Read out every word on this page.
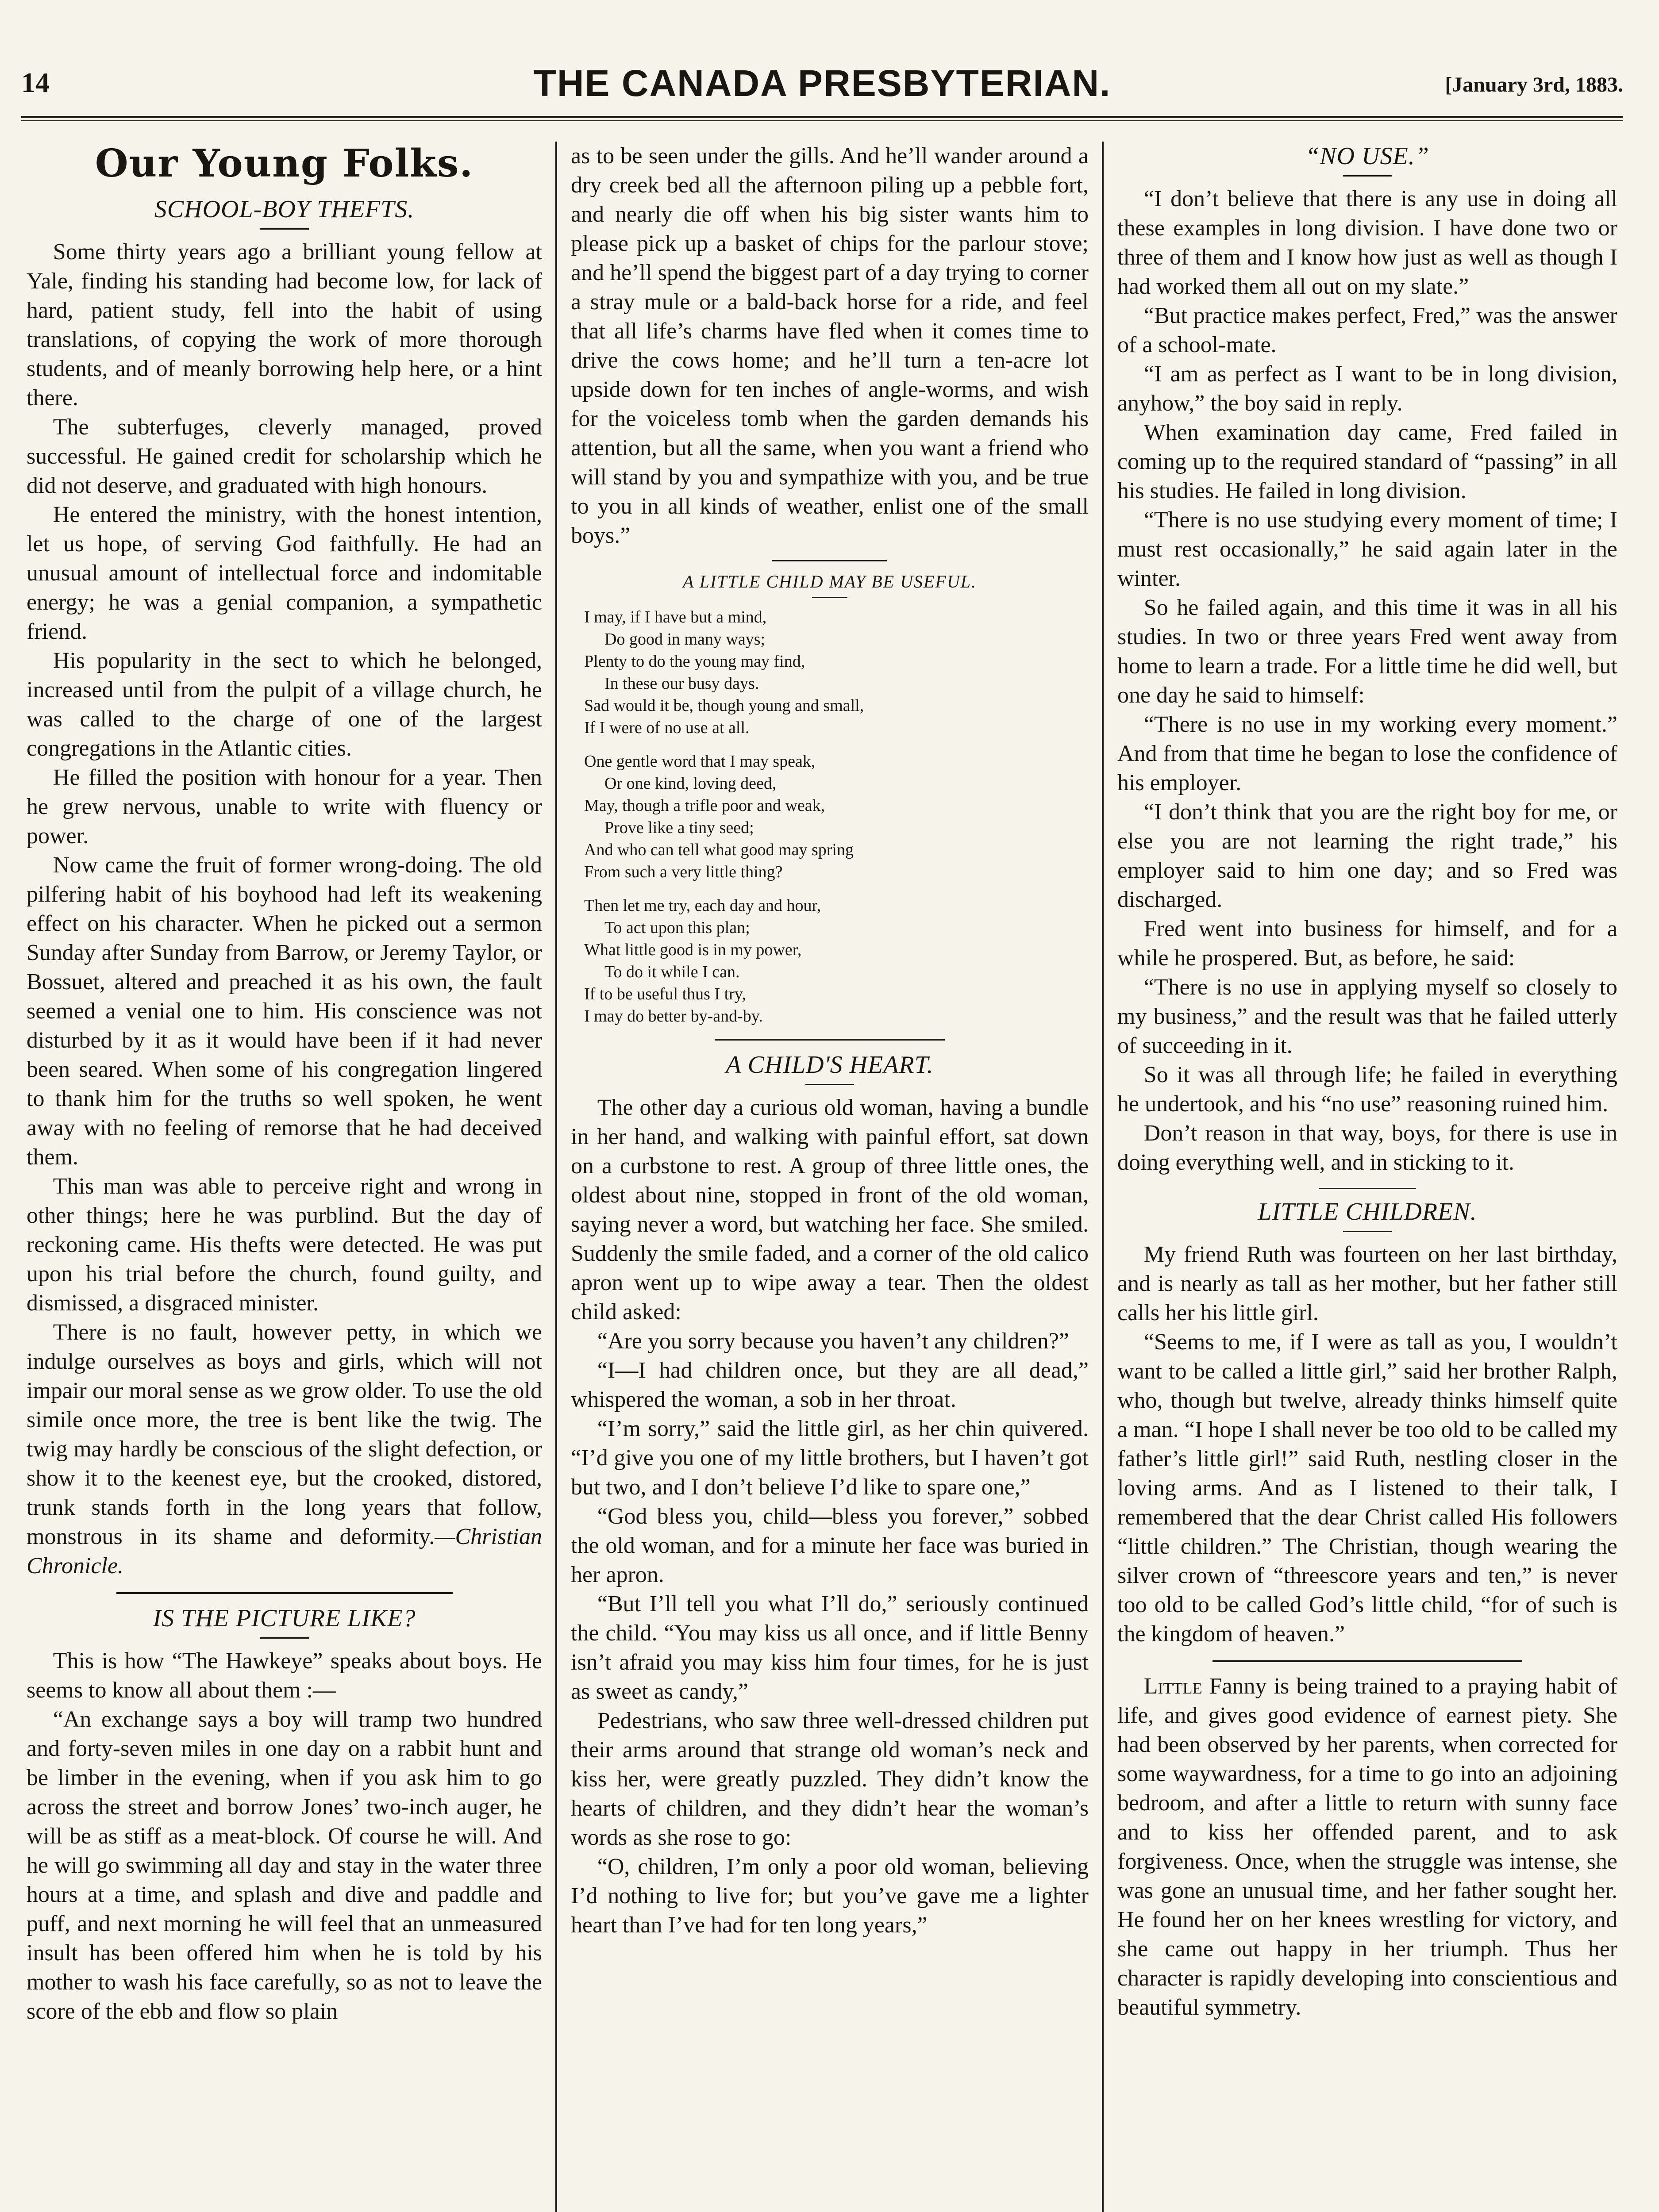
14	THE CANADA PRESBYTERIAN.	[January 3rd, 1883.
Our Young Folks.
SCHOOL-BOY THEFTS.

Some thirty years ago a brilliant young fellow at Yale, finding his standing had become low, for lack of hard, patient study, fell into the habit of using translations, of copying the work of more thorough students, and of meanly borrowing help here, or a hint there.

The subterfuges, cleverly managed, proved successful. He gained credit for scholarship which he did not deserve, and graduated with high honours.

He entered the ministry, with the honest intention, let us hope, of serving God faithfully. He had an unusual amount of intellectual force and indomitable energy; he was a genial companion, a sympathetic friend.

His popularity in the sect to which he belonged, increased until from the pulpit of a village church, he was called to the charge of one of the largest congregations in the Atlantic cities.

He filled the position with honour for a year. Then he grew nervous, unable to write with fluency or power.

Now came the fruit of former wrong-doing. The old pilfering habit of his boyhood had left its weakening effect on his character. When he picked out a sermon Sunday after Sunday from Barrow, or Jeremy Taylor, or Bossuet, altered and preached it as his own, the fault seemed a venial one to him. His conscience was not disturbed by it as it would have been if it had never been seared. When some of his congregation lingered to thank him for the truths so well spoken, he went away with no feeling of remorse that he had deceived them.

This man was able to perceive right and wrong in other things; here he was purblind. But the day of reckoning came. His thefts were detected. He was put upon his trial before the church, found guilty, and dismissed, a disgraced minister.

There is no fault, however petty, in which we indulge ourselves as boys and girls, which will not impair our moral sense as we grow older. To use the old simile once more, the tree is bent like the twig. The twig may hardly be conscious of the slight defection, or show it to the keenest eye, but the crooked, distored, trunk stands forth in the long years that follow, monstrous in its shame and deformity.—Christian Chronicle.

IS THE PICTURE LIKE?

This is how “The Hawkeye” speaks about boys. He seems to know all about them :—

“An exchange says a boy will tramp two hundred and forty-seven miles in one day on a rabbit hunt and be limber in the evening, when if you ask him to go across the street and borrow Jones’ two-inch auger, he will be as stiff as a meat-block. Of course he will. And he will go swimming all day and stay in the water three hours at a time, and splash and dive and paddle and puff, and next morning he will feel that an unmeasured insult has been offered him when he is told by his mother to wash his face carefully, so as not to leave the score of the ebb and flow so plain

as to be seen under the gills. And he’ll wander around a dry creek bed all the afternoon piling up a pebble fort, and nearly die off when his big sister wants him to please pick up a basket of chips for the parlour stove; and he’ll spend the biggest part of a day trying to corner a stray mule or a bald-back horse for a ride, and feel that all life’s charms have fled when it comes time to drive the cows home; and he’ll turn a ten-acre lot upside down for ten inches of angle-worms, and wish for the voiceless tomb when the garden demands his attention, but all the same, when you want a friend who will stand by you and sympathize with you, and be true to you in all kinds of weather, enlist one of the small boys.”

A LITTLE CHILD MAY BE USEFUL.
I may, if I have but a mind,
Do good in many ways;
Plenty to do the young may find,
In these our busy days.
Sad would it be, though young and small,
If I were of no use at all.
One gentle word that I may speak,
Or one kind, loving deed,
May, though a trifle poor and weak,
Prove like a tiny seed;
And who can tell what good may spring
From such a very little thing?
Then let me try, each day and hour,
To act upon this plan;
What little good is in my power,
To do it while I can.
If to be useful thus I try,
I may do better by-and-by.
A CHILD'S HEART.

The other day a curious old woman, having a bundle in her hand, and walking with painful effort, sat down on a curbstone to rest. A group of three little ones, the oldest about nine, stopped in front of the old woman, saying never a word, but watching her face. She smiled. Suddenly the smile faded, and a corner of the old calico apron went up to wipe away a tear. Then the oldest child asked:

“Are you sorry because you haven’t any children?”

“I—I had children once, but they are all dead,” whispered the woman, a sob in her throat.

“I’m sorry,” said the little girl, as her chin quivered. “I’d give you one of my little brothers, but I haven’t got but two, and I don’t believe I’d like to spare one,”

“God bless you, child—bless you forever,” sobbed the old woman, and for a minute her face was buried in her apron.

“But I’ll tell you what I’ll do,” seriously continued the child. “You may kiss us all once, and if little Benny isn’t afraid you may kiss him four times, for he is just as sweet as candy,”

Pedestrians, who saw three well-dressed children put their arms around that strange old woman’s neck and kiss her, were greatly puzzled. They didn’t know the hearts of children, and they didn’t hear the woman’s words as she rose to go:

“O, children, I’m only a poor old woman, believing I’d nothing to live for; but you’ve gave me a lighter heart than I’ve had for ten long years,”

“NO USE.”

“I don’t believe that there is any use in doing all these examples in long division. I have done two or three of them and I know how just as well as though I had worked them all out on my slate.”

“But practice makes perfect, Fred,” was the answer of a school-mate.

“I am as perfect as I want to be in long division, anyhow,” the boy said in reply.

When examination day came, Fred failed in coming up to the required standard of “passing” in all his studies. He failed in long division.

“There is no use studying every moment of time; I must rest occasionally,” he said again later in the winter.

So he failed again, and this time it was in all his studies. In two or three years Fred went away from home to learn a trade. For a little time he did well, but one day he said to himself:

“There is no use in my working every moment.” And from that time he began to lose the confidence of his employer.

“I don’t think that you are the right boy for me, or else you are not learning the right trade,” his employer said to him one day; and so Fred was discharged.

Fred went into business for himself, and for a while he prospered. But, as before, he said:

“There is no use in applying myself so closely to my business,” and the result was that he failed utterly of succeeding in it.

So it was all through life; he failed in everything he undertook, and his “no use” reasoning ruined him.

Don’t reason in that way, boys, for there is use in doing everything well, and in sticking to it.

LITTLE CHILDREN.

My friend Ruth was fourteen on her last birthday, and is nearly as tall as her mother, but her father still calls her his little girl.

“Seems to me, if I were as tall as you, I wouldn’t want to be called a little girl,” said her brother Ralph, who, though but twelve, already thinks himself quite a man. “I hope I shall never be too old to be called my father’s little girl!” said Ruth, nestling closer in the loving arms. And as I listened to their talk, I remembered that the dear Christ called His followers “little children.” The Christian, though wearing the silver crown of “threescore years and ten,” is never too old to be called God’s little child, “for of such is the kingdom of heaven.”

Little Fanny is being trained to a praying habit of life, and gives good evidence of earnest piety. She had been observed by her parents, when corrected for some waywardness, for a time to go into an adjoining bedroom, and after a little to return with sunny face and to kiss her offended parent, and to ask forgiveness. Once, when the struggle was intense, she was gone an unusual time, and her father sought her. He found her on her knees wrestling for victory, and she came out happy in her triumph. Thus her character is rapidly developing into conscientious and beautiful symmetry.
